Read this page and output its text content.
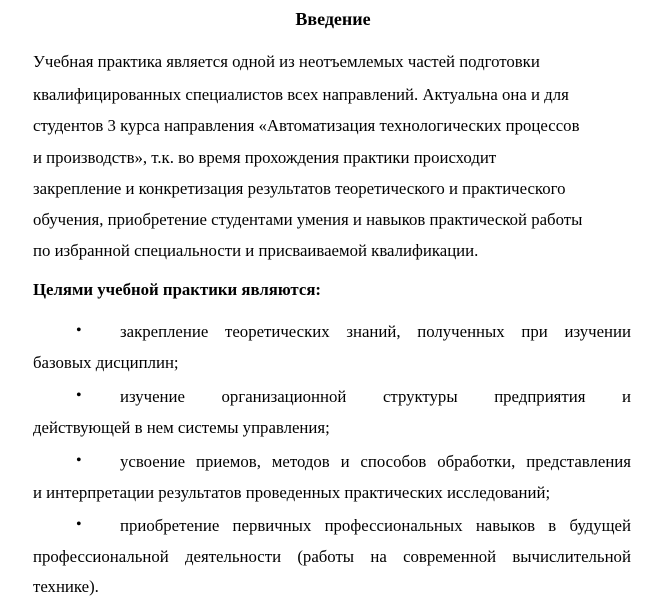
Введение
Учебная практика является одной из неотъемлемых частей подготовки
квалифицированных специалистов всех направлений. Актуальна она и для
студентов 3 курса направления «Автоматизация технологических процессов
и производств», т.к. во время прохождения практики происходит
закрепление и конкретизация результатов теоретического и практического
обучения, приобретение студентами умения и навыков практической работы
по избранной специальности и присваиваемой квалификации.
Целями учебной практики являются:
• закрепление теоретических знаний, полученных при изучении
базовых дисциплин;
• изучение организационной структуры предприятия и
действующей в нем системы управления;
• усвоение приемов, методов и способов обработки, представления
и интерпретации результатов проведенных практических исследований;
• приобретение первичных профессиональных навыков в будущей
профессиональной деятельности (работы на современной вычислительной
технике).
